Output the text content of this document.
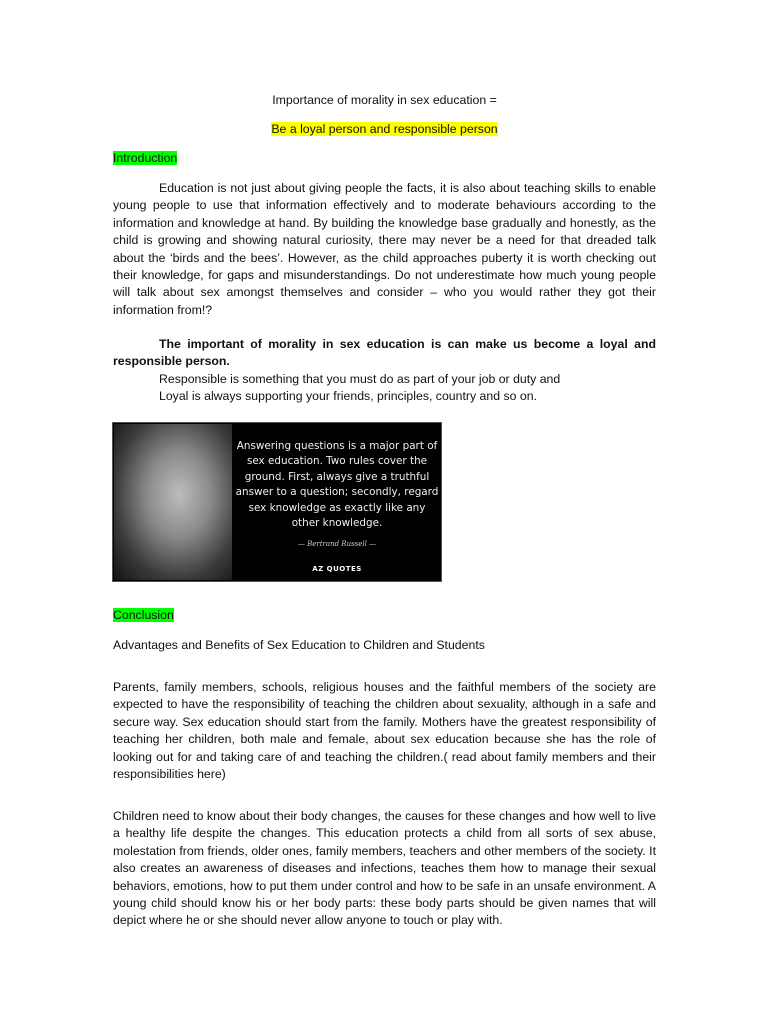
Importance of morality in sex education =

Be a loyal person and responsible person

Introduction

Education is not just about giving people the facts, it is also about teaching skills to enable young people to use that information effectively and to moderate behaviours according to the information and knowledge at hand. By building the knowledge base gradually and honestly, as the child is growing and showing natural curiosity, there may never be a need for that dreaded talk about the ‘birds and the bees’. However, as the child approaches puberty it is worth checking out their knowledge, for gaps and misunderstandings. Do not underestimate how much young people will talk about sex amongst themselves and consider – who you would rather they got their information from!?

The important of morality in sex education is can make us become a loyal and responsible person.

Responsible is something that you must do as part of your job or duty and

Loyal is always supporting your friends, principles, country and so on.

Answering questions is a major part of sex education. Two rules cover the ground. First, always give a truthful answer to a question; secondly, regard sex knowledge as exactly like any other knowledge.
— Bertrand Russell —
AZ QUOTES

Conclusion

Advantages and Benefits of Sex Education to Children and Students

Parents, family members, schools, religious houses and the faithful members of the society are expected to have the responsibility of teaching the children about sexuality, although in a safe and secure way. Sex education should start from the family. Mothers have the greatest responsibility of teaching her children, both male and female, about sex education because she has the role of looking out for and taking care of and teaching the children.( read about family members and their responsibilities here)

Children need to know about their body changes, the causes for these changes and how well to live a healthy life despite the changes. This education protects a child from all sorts of sex abuse, molestation from friends, older ones, family members, teachers and other members of the society. It also creates an awareness of diseases and infections, teaches them how to manage their sexual behaviors, emotions, how to put them under control and how to be safe in an unsafe environment. A young child should know his or her body parts: these body parts should be given names that will depict where he or she should never allow anyone to touch or play with.
